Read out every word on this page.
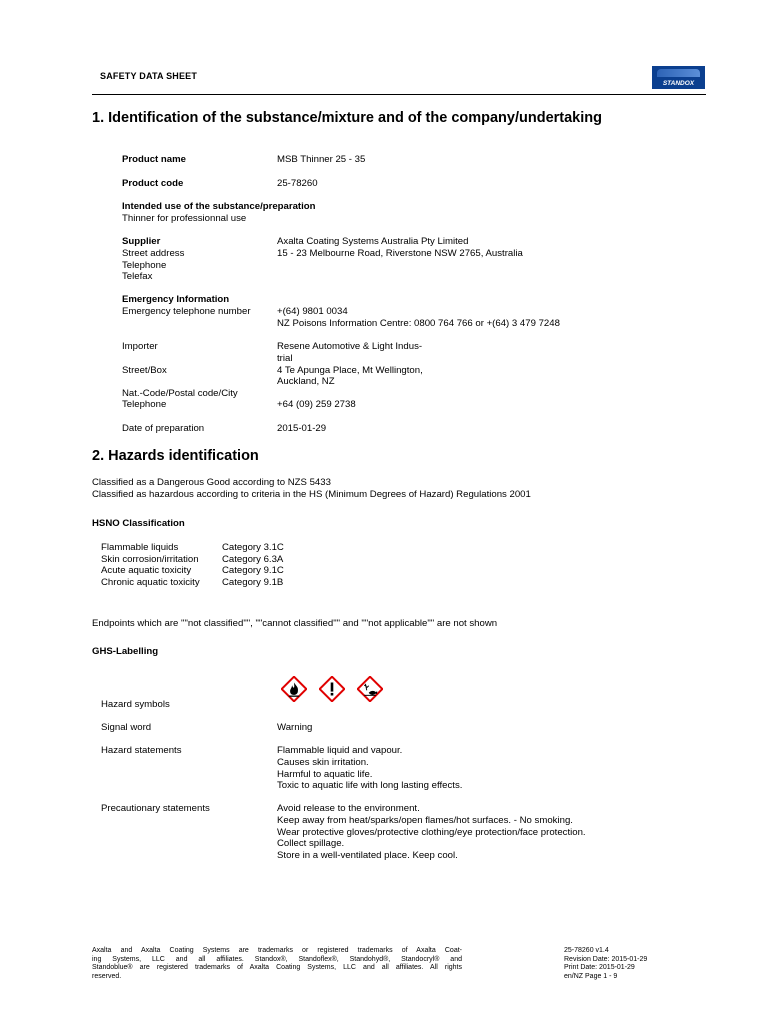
SAFETY DATA SHEET
STANDOX
1. Identification of the substance/mixture and of the company/undertaking
Product name	MSB Thinner 25 - 35
Product code	25-78260
Intended use of the substance/preparation
Thinner for professionnal use
Supplier	Axalta Coating Systems Australia Pty Limited
Street address	15 - 23 Melbourne Road, Riverstone NSW 2765, Australia
Telephone
Telefax
Emergency Information
Emergency telephone number	+(64) 9801 0034
NZ Poisons Information Centre: 0800 764 766 or +(64) 3 479 7248
Importer	Resene Automotive & Light Indus-
trial
Street/Box	4 Te Apunga Place, Mt Wellington,
Auckland, NZ
Nat.-Code/Postal code/City
Telephone	+64 (09) 259 2738
Date of preparation	2015-01-29
2. Hazards identification
Classified as a Dangerous Good according to NZS 5433
Classified as hazardous according to criteria in the HS (Minimum Degrees of Hazard) Regulations 2001
HSNO Classification
Flammable liquids	Category 3.1C
Skin corrosion/irritation Category 6.3A
Acute aquatic toxicity	Category 9.1C
Chronic aquatic toxicity Category 9.1B
Endpoints which are ""not classified"", ""cannot classified"" and ""not applicable"" are not shown
GHS-Labelling
Hazard symbols
Signal word	Warning
Hazard statements	Flammable liquid and vapour.
Causes skin irritation.
Harmful to aquatic life.
Toxic to aquatic life with long lasting effects.
Precautionary statements	Avoid release to the environment.
Keep away from heat/sparks/open flames/hot surfaces. - No smoking.
Wear protective gloves/protective clothing/eye protection/face protection.
Collect spillage.
Store in a well-ventilated place. Keep cool.
Axalta and Axalta Coating Systems are trademarks or registered trademarks of Axalta Coat-
ing Systems, LLC and all affiliates. Standox®, Standoflex®, Standohyd®, Standocryl® and
Standoblue® are registered trademarks of Axalta Coating Systems, LLC and all affiliates. All rights
reserved.
25-78260 v1.4
Revision Date: 2015-01-29
Print Date: 2015-01-29
en/NZ Page 1 - 9
